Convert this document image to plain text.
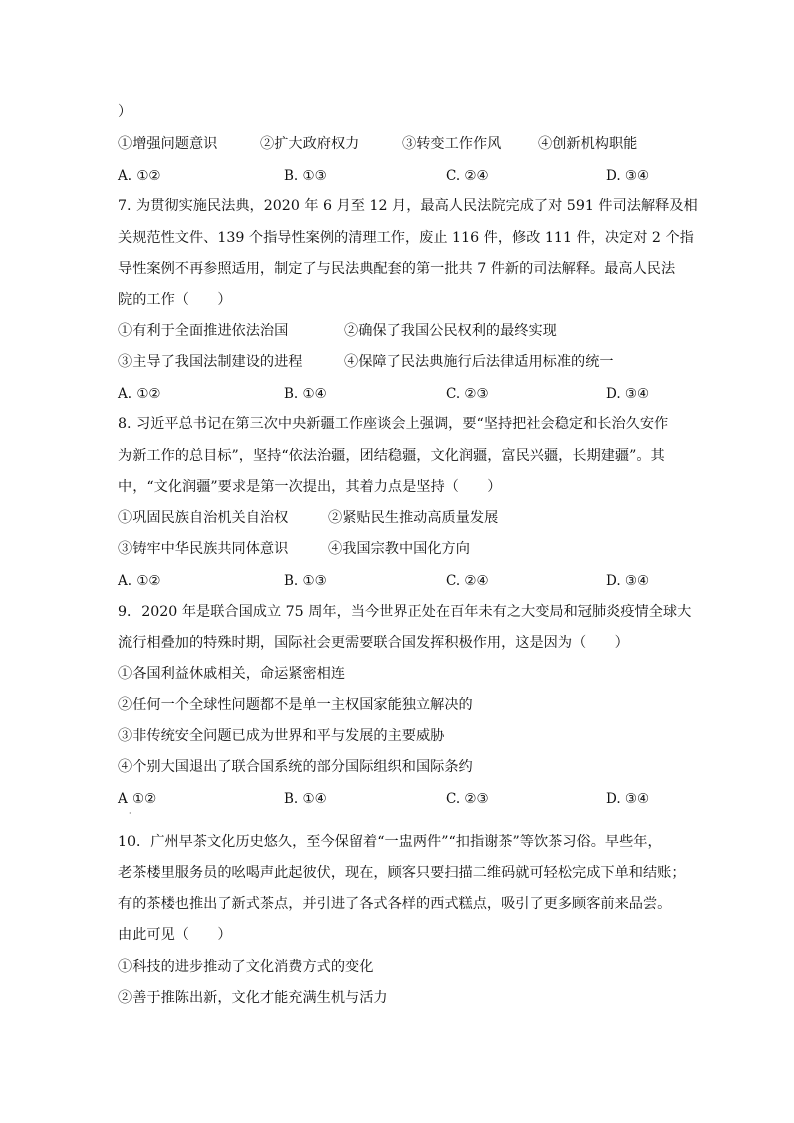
）
①增强问题意识	②扩大政府权力	③转变工作作风	④创新机构职能
A. ①②	B. ①③	C. ②④	D. ③④
7. 为贯彻实施民法典，2020 年 6 月至 12 月，最高人民法院完成了对 591 件司法解释及相
关规范性文件、139 个指导性案例的清理工作，废止 116 件，修改 111 件，决定对 2 个指
导性案例不再参照适用，制定了与民法典配套的第一批共 7 件新的司法解释。最高人民法
院的工作（　　）
①有利于全面推进依法治国	②确保了我国公民权利的最终实现
③主导了我国法制建设的进程	④保障了民法典施行后法律适用标准的统一
A. ①②	B. ①④	C. ②③	D. ③④
8. 习近平总书记在第三次中央新疆工作座谈会上强调，要“坚持把社会稳定和长治久安作
为新工作的总目标”，坚持“依法治疆，团结稳疆，文化润疆，富民兴疆，长期建疆”。其
中，“文化润疆”要求是第一次提出，其着力点是坚持（　　）
①巩固民族自治机关自治权	②紧贴民生推动高质量发展
③铸牢中华民族共同体意识	④我国宗教中国化方向
A. ①②	B. ①③	C. ②④	D. ③④
9．2020 年是联合国成立 75 周年，当今世界正处在百年未有之大变局和冠肺炎疫情全球大
流行相叠加的特殊时期，国际社会更需要联合国发挥积极作用，这是因为（　　）
①各国利益休戚相关，命运紧密相连
②任何一个全球性问题都不是单一主权国家能独立解决的
③非传统安全问题已成为世界和平与发展的主要威胁
④个别大国退出了联合国系统的部分国际组织和国际条约
A ①②	B. ①④	C. ②③	D. ③④
·
10．广州早茶文化历史悠久，至今保留着“一盅两件”“扣指谢茶”等饮茶习俗。早些年，
老茶楼里服务员的吆喝声此起彼伏，现在，顾客只要扫描二维码就可轻松完成下单和结账；
有的茶楼也推出了新式茶点，并引进了各式各样的西式糕点，吸引了更多顾客前来品尝。
由此可见（　　）
①科技的进步推动了文化消费方式的变化
②善于推陈出新，文化才能充满生机与活力
